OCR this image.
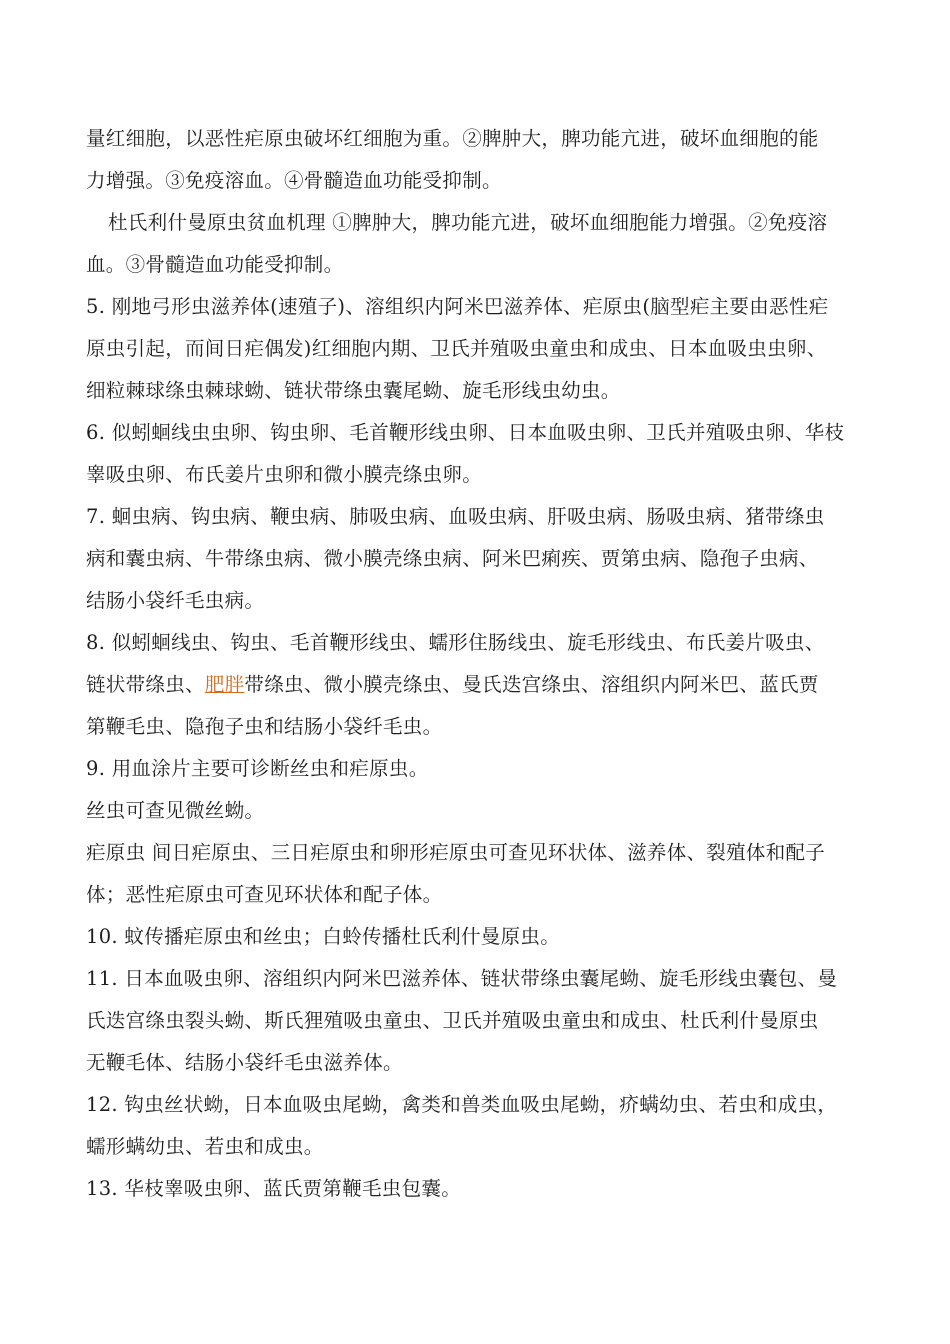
量红细胞，以恶性疟原虫破坏红细胞为重。②脾肿大，脾功能亢进，破坏血细胞的能
力增强。③免疫溶血。④骨髓造血功能受抑制。
杜氏利什曼原虫贫血机理 ①脾肿大，脾功能亢进，破坏血细胞能力增强。②免疫溶
血。③骨髓造血功能受抑制。
5. 刚地弓形虫滋养体(速殖子)、溶组织内阿米巴滋养体、疟原虫(脑型疟主要由恶性疟
原虫引起，而间日疟偶发)红细胞内期、卫氏并殖吸虫童虫和成虫、日本血吸虫虫卵、
细粒棘球绦虫棘球蚴、链状带绦虫囊尾蚴、旋毛形线虫幼虫。
6. 似蚓蛔线虫虫卵、钩虫卵、毛首鞭形线虫卵、日本血吸虫卵、卫氏并殖吸虫卵、华枝
睾吸虫卵、布氏姜片虫卵和微小膜壳绦虫卵。
7. 蛔虫病、钩虫病、鞭虫病、肺吸虫病、血吸虫病、肝吸虫病、肠吸虫病、猪带绦虫
病和囊虫病、牛带绦虫病、微小膜壳绦虫病、阿米巴痢疾、贾第虫病、隐孢子虫病、
结肠小袋纤毛虫病。
8. 似蚓蛔线虫、钩虫、毛首鞭形线虫、蠕形住肠线虫、旋毛形线虫、布氏姜片吸虫、
链状带绦虫、肥胖带绦虫、微小膜壳绦虫、曼氏迭宫绦虫、溶组织内阿米巴、蓝氏贾
第鞭毛虫、隐孢子虫和结肠小袋纤毛虫。
9. 用血涂片主要可诊断丝虫和疟原虫。
丝虫可查见微丝蚴。
疟原虫 间日疟原虫、三日疟原虫和卵形疟原虫可查见环状体、滋养体、裂殖体和配子
体；恶性疟原虫可查见环状体和配子体。
10. 蚊传播疟原虫和丝虫；白蛉传播杜氏利什曼原虫。
11. 日本血吸虫卵、溶组织内阿米巴滋养体、链状带绦虫囊尾蚴、旋毛形线虫囊包、曼
氏迭宫绦虫裂头蚴、斯氏狸殖吸虫童虫、卫氏并殖吸虫童虫和成虫、杜氏利什曼原虫
无鞭毛体、结肠小袋纤毛虫滋养体。
12. 钩虫丝状蚴，日本血吸虫尾蚴，禽类和兽类血吸虫尾蚴，疥螨幼虫、若虫和成虫，
蠕形螨幼虫、若虫和成虫。
13. 华枝睾吸虫卵、蓝氏贾第鞭毛虫包囊。
